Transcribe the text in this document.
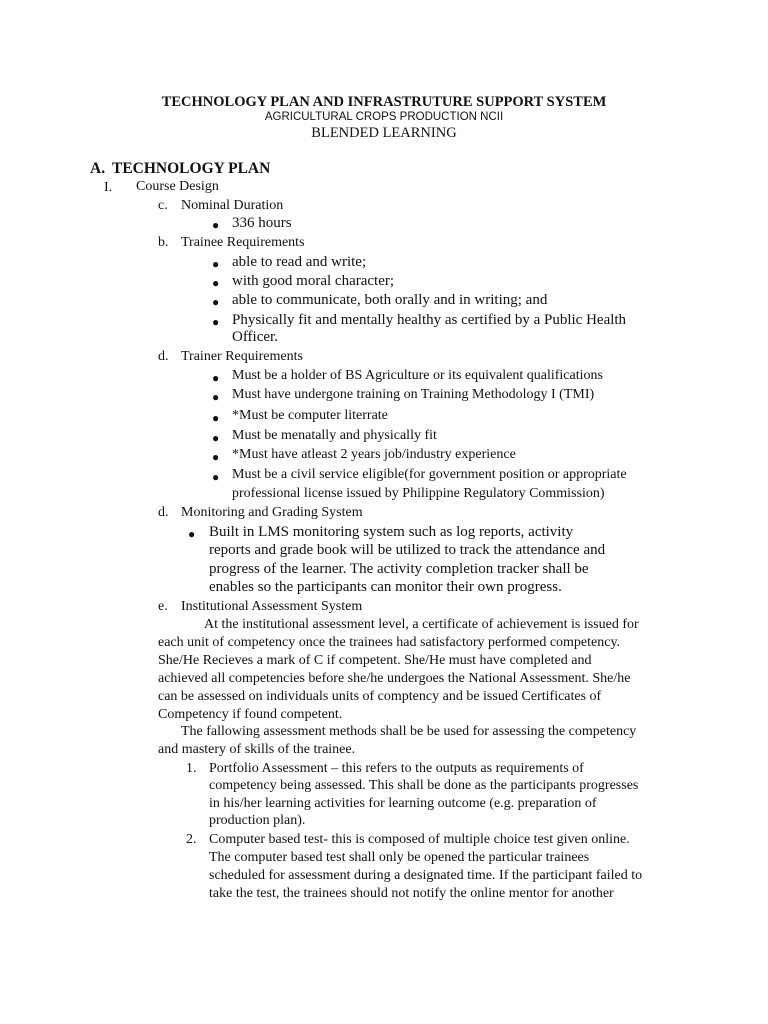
TECHNOLOGY PLAN AND INFRASTRUTURE SUPPORT SYSTEM
AGRICULTURAL CROPS PRODUCTION NCII
BLENDED LEARNING
A. TECHNOLOGY PLAN
I. Course Design
c. Nominal Duration
● 336 hours
b. Trainee Requirements
● able to read and write;
● with good moral character;
● able to communicate, both orally and in writing; and
● Physically fit and mentally healthy as certified by a Public Health
Officer.
d. Trainer Requirements
● Must be a holder of BS Agriculture or its equivalent qualifications
● Must have undergone training on Training Methodology I (TMI)
● *Must be computer literrate
● Must be menatally and physically fit
● *Must have atleast 2 years job/industry experience
● Must be a civil service eligible(for government position or appropriate
professional license issued by Philippine Regulatory Commission)
d. Monitoring and Grading System
● Built in LMS monitoring system such as log reports, activity
reports and grade book will be utilized to track the attendance and
progress of the learner. The activity completion tracker shall be
enables so the participants can monitor their own progress.
e. Institutional Assessment System
At the institutional assessment level, a certificate of achievement is issued for
each unit of competency once the trainees had satisfactory performed competency.
She/He Recieves a mark of C if competent. She/He must have completed and
achieved all competencies before she/he undergoes the National Assessment. She/he
can be assessed on individuals units of comptency and be issued Certificates of
Competency if found competent.
The fallowing assessment methods shall be be used for assessing the competency
and mastery of skills of the trainee.
1. Portfolio Assessment – this refers to the outputs as requirements of
competency being assessed. This shall be done as the participants progresses
in his/her learning activities for learning outcome (e.g. preparation of
production plan).
2. Computer based test- this is composed of multiple choice test given online.
The computer based test shall only be opened the particular trainees
scheduled for assessment during a designated time. If the participant failed to
take the test, the trainees should not notify the online mentor for another
